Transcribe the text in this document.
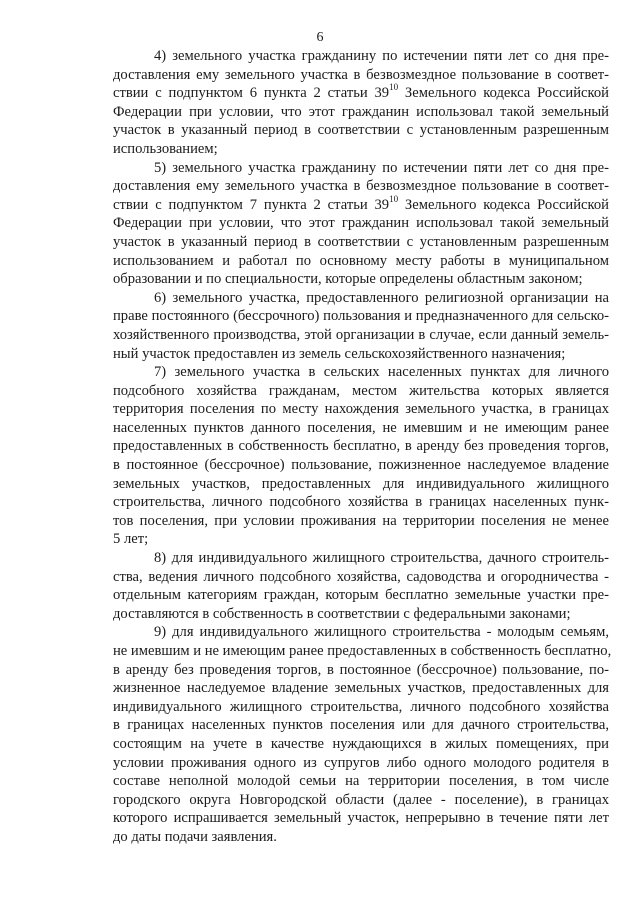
6
4) земельного участка гражданину по истечении пяти лет со дня пре-
доставления ему земельного участка в безвозмездное пользование в соответ-
ствии с подпунктом 6 пункта 2 статьи $39^{10}$ Земельного кодекса Российской
Федерации при условии, что этот гражданин использовал такой земельный
участок в указанный период в соответствии с установленным разрешенным
использованием;
5) земельного участка гражданину по истечении пяти лет со дня пре-
доставления ему земельного участка в безвозмездное пользование в соответ-
ствии с подпунктом 7 пункта 2 статьи $39^{10}$ Земельного кодекса Российской
Федерации при условии, что этот гражданин использовал такой земельный
участок в указанный период в соответствии с установленным разрешенным
использованием и работал по основному месту работы в муниципальном
образовании и по специальности, которые определены областным законом;
6) земельного участка, предоставленного религиозной организации на
праве постоянного (бессрочного) пользования и предназначенного для сельско-
хозяйственного производства, этой организации в случае, если данный земель-
ный участок предоставлен из земель сельскохозяйственного назначения;
7) земельного участка в сельских населенных пунктах для личного
подсобного хозяйства гражданам, местом жительства которых является
территория поселения по месту нахождения земельного участка, в границах
населенных пунктов данного поселения, не имевшим и не имеющим ранее
предоставленных в собственность бесплатно, в аренду без проведения торгов,
в постоянное (бессрочное) пользование, пожизненное наследуемое владение
земельных участков, предоставленных для индивидуального жилищного
строительства, личного подсобного хозяйства в границах населенных пунк-
тов поселения, при условии проживания на территории поселения не менее
5 лет;
8) для индивидуального жилищного строительства, дачного строитель-
ства, ведения личного подсобного хозяйства, садоводства и огородничества -
отдельным категориям граждан, которым бесплатно земельные участки пре-
доставляются в собственность в соответствии с федеральными законами;
9) для индивидуального жилищного строительства - молодым семьям,
не имевшим и не имеющим ранее предоставленных в собственность бесплатно,
в аренду без проведения торгов, в постоянное (бессрочное) пользование, по-
жизненное наследуемое владение земельных участков, предоставленных для
индивидуального жилищного строительства, личного подсобного хозяйства
в границах населенных пунктов поселения или для дачного строительства,
состоящим на учете в качестве нуждающихся в жилых помещениях, при
условии проживания одного из супругов либо одного молодого родителя в
составе неполной молодой семьи на территории поселения, в том числе
городского округа Новгородской области (далее - поселение), в границах
которого испрашивается земельный участок, непрерывно в течение пяти лет
до даты подачи заявления.
